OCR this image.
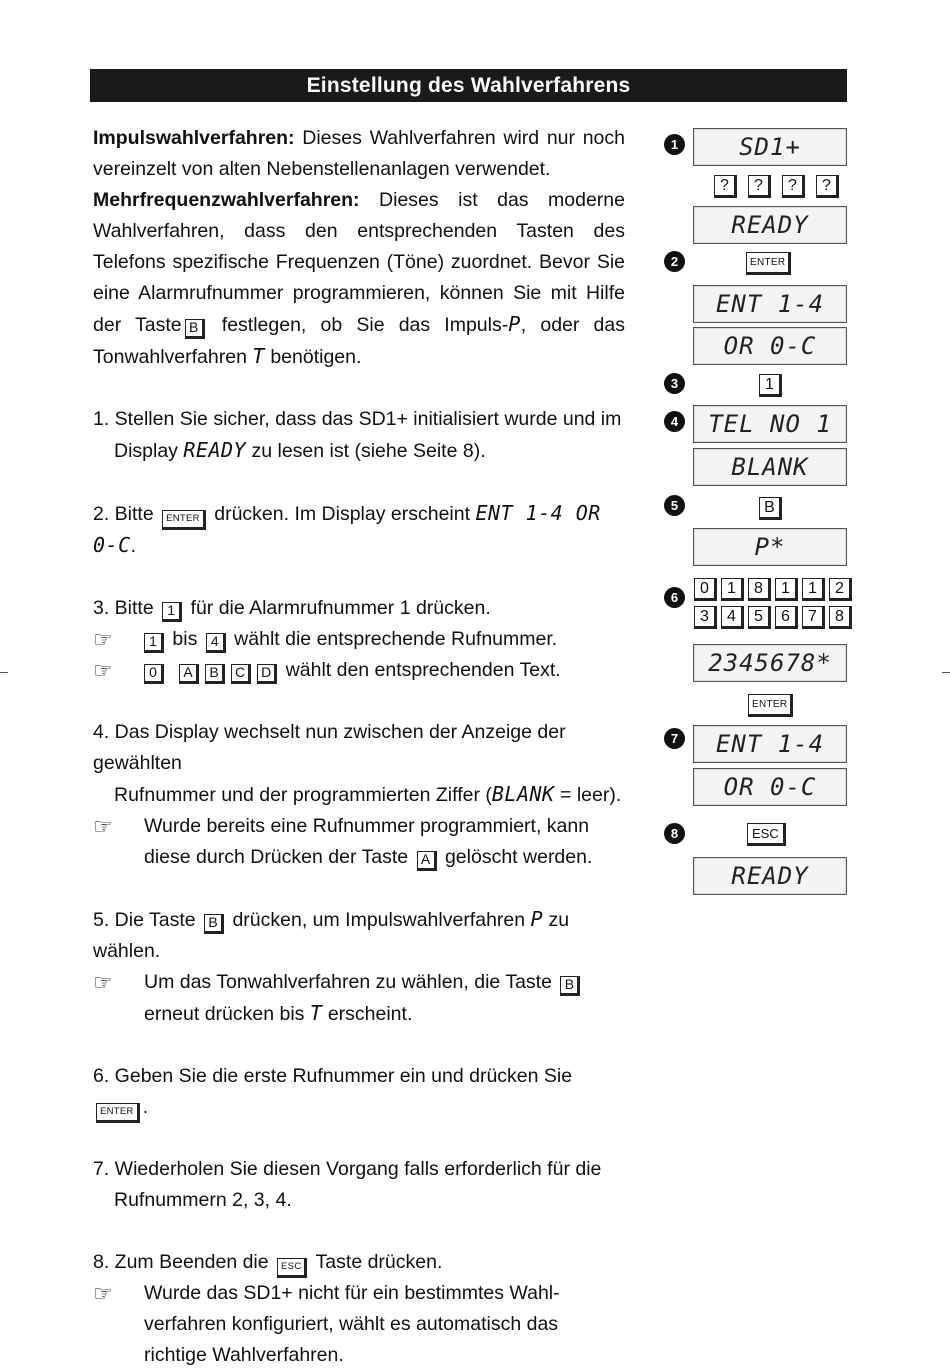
Einstellung des Wahlverfahrens

Impulswahlverfahren: Dieses Wahlverfahren wird nur noch vereinzelt von alten Nebenstellenanlagen verwendet.

Mehrfrequenzwahlverfahren: Dieses ist das moderne Wahlverfahren, dass den entsprechenden Tasten des Telefons spezifische Frequenzen (Töne) zuordnet. Bevor Sie eine Alarmrufnummer programmieren, können Sie mit Hilfe der Taste B festlegen, ob Sie das Impuls-P, oder das Tonwahlverfahren T benötigen.

1. Stellen Sie sicher, dass das SD1+ initialisiert wurde und im
Display READY zu lesen ist (siehe Seite 8).
2. Bitte ENTER drücken. Im Display erscheint ENT 1-4 OR 0-C.
3. Bitte 1 für die Alarmrufnummer 1 drücken.
☞	1 bis 4 wählt die entsprechende Rufnummer.
☞	0 A B C D wählt den entsprechenden Text.
4. Das Display wechselt nun zwischen der Anzeige der gewählten
Rufnummer und der programmierten Ziffer (BLANK = leer).
☞ Wurde bereits eine Rufnummer programmiert, kann
diese durch Drücken der Taste A gelöscht werden.
5. Die Taste B drücken, um Impulswahlverfahren P zu wählen.
☞ Um das Tonwahlverfahren zu wählen, die Taste B
erneut drücken bis T erscheint.
6. Geben Sie die erste Rufnummer ein und drücken Sie ENTER .
7. Wiederholen Sie diesen Vorgang falls erforderlich für die
Rufnummern 2, 3, 4.
8. Zum Beenden die ESC Taste drücken.
☞ Wurde das SD1+ nicht für ein bestimmtes Wahl-
verfahren konfiguriert, wählt es automatisch das
richtige Wahlverfahren.
1	SD1+
?	?	?	?
READY
2	ENTER
ENT 1-4
OR 0-C
3	1
4	TEL NO 1
BLANK
5	B
P*
6
0	1	8	1	1	2
3	4	5	6	7	8
2345678*
ENTER
7	ENT 1-4
OR 0-C
8	ESC
READY
